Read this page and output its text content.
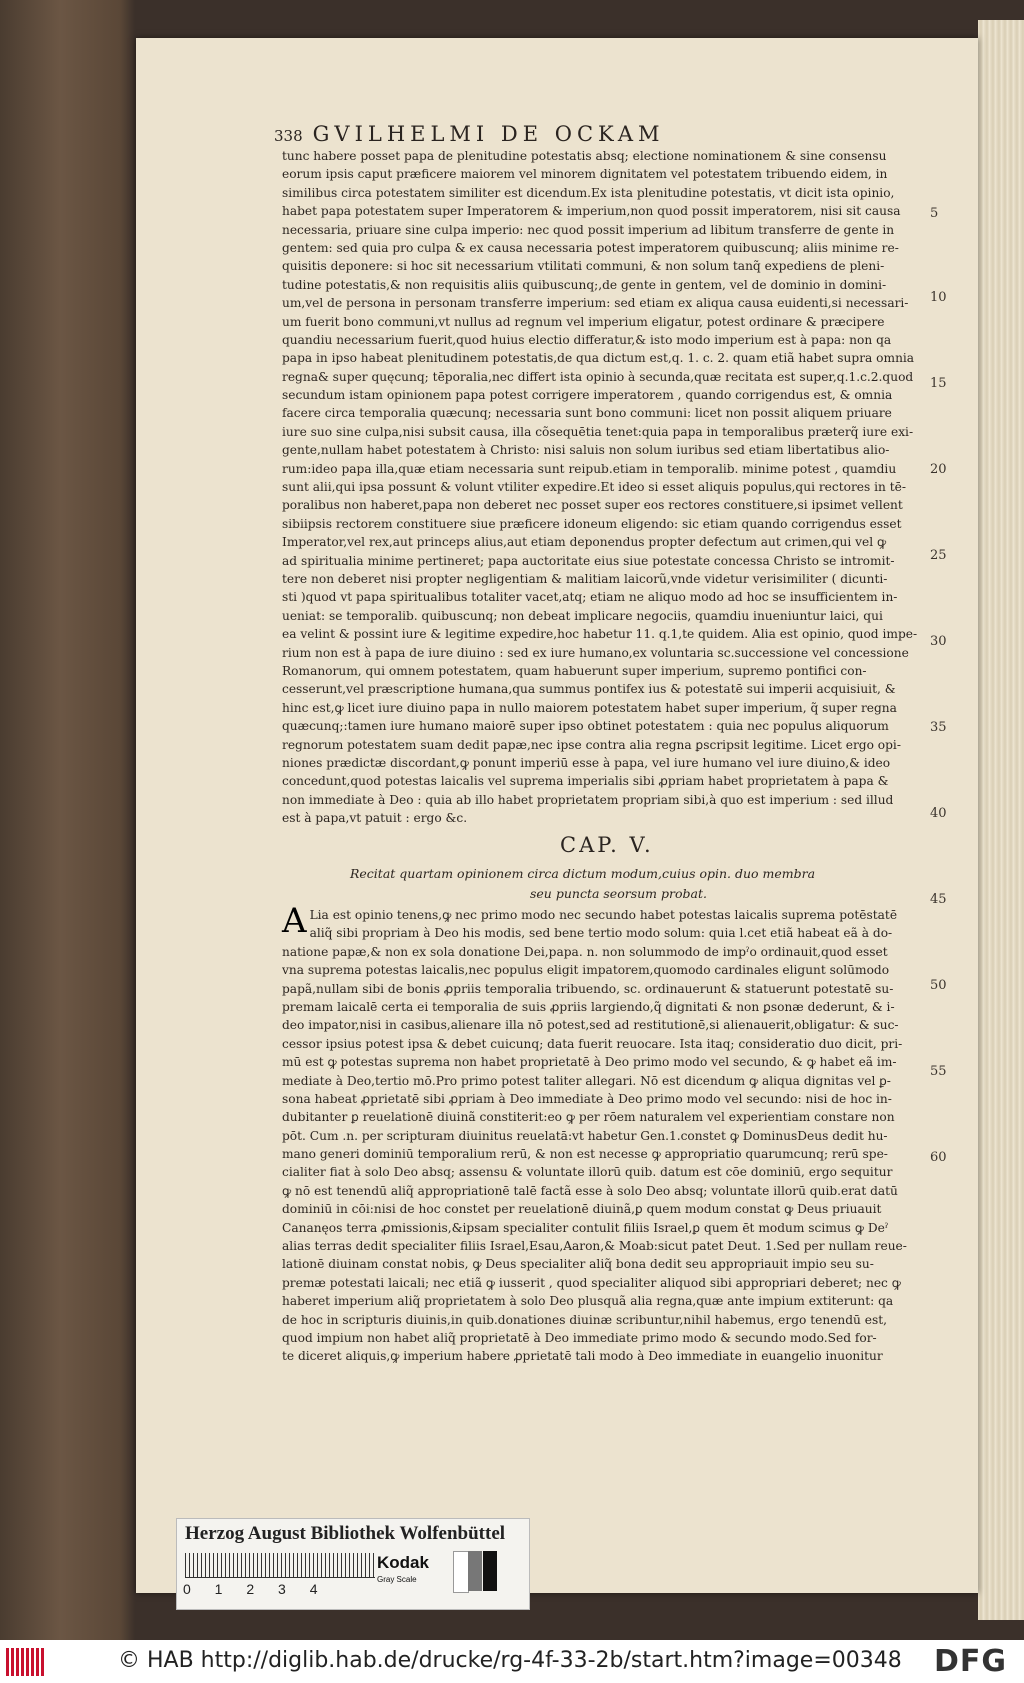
338 GVILHELMI DE OCKAM
tunc habere posset papa de plenitudine potestatis absq; electione nominationem & sine consensu
eorum ipsis caput præficere maiorem vel minorem dignitatem vel potestatem tribuendo eidem, in
similibus circa potestatem similiter est dicendum.Ex ista plenitudine potestatis, vt dicit ista opinio,
habet papa potestatem super Imperatorem & imperium,non quod possit imperatorem, nisi sit causa
necessaria, priuare sine culpa imperio: nec quod possit imperium ad libitum transferre de gente in
gentem: sed quia pro culpa & ex causa necessaria potest imperatorem quibuscunq; aliis minime re-
quisitis deponere: si hoc sit necessarium vtilitati communi, & non solum tanq̃ expediens de pleni-
tudine potestatis,& non requisitis aliis quibuscunq;,de gente in gentem, vel de dominio in domini-
um,vel de persona in personam transferre imperium: sed etiam ex aliqua causa euidenti,si necessari-
um fuerit bono communi,vt nullus ad regnum vel imperium eligatur, potest ordinare & præcipere
quandiu necessarium fuerit,quod huius electio differatur,& isto modo imperium est à papa: non qa
papa in ipso habeat plenitudinem potestatis,de qua dictum est,q. 1. c. 2. quam etiã habet supra omnia
regna& super quęcunq; tēporalia,nec differt ista opinio à secunda,quæ recitata est super,q.1.c.2.quod
secundum istam opinionem papa potest corrigere imperatorem , quando corrigendus est, & omnia
facere circa temporalia quæcunq; necessaria sunt bono communi: licet non possit aliquem priuare
iure suo sine culpa,nisi subsit causa, illa cõsequētia tenet:quia papa in temporalibus præterq̃ iure exi-
gente,nullam habet potestatem à Christo: nisi saluis non solum iuribus sed etiam libertatibus alio-
rum:ideo papa illa,quæ etiam necessaria sunt reipub.etiam in temporalib. minime potest , quamdiu
sunt alii,qui ipsa possunt & volunt vtiliter expedire.Et ideo si esset aliquis populus,qui rectores in tē-
poralibus non haberet,papa non deberet nec posset super eos rectores constituere,si ipsimet vellent
sibiipsis rectorem constituere siue præficere idoneum eligendo: sic etiam quando corrigendus esset
Imperator,vel rex,aut princeps alius,aut etiam deponendus propter defectum aut crimen,qui vel ꝙ
ad spiritualia minime pertineret; papa auctoritate eius siue potestate concessa Christo se intromit-
tere non deberet nisi propter negligentiam & malitiam laicorũ,vnde videtur verisimiliter ( dicunti-
sti )quod vt papa spiritualibus totaliter vacet,atq; etiam ne aliquo modo ad hoc se insufficientem in-
ueniat: se temporalib. quibuscunq; non debeat implicare negociis, quamdiu inueniuntur laici, qui
ea velint & possint iure & legitime expedire,hoc habetur 11. q.1,te quidem. Alia est opinio, quod impe-
rium non est à papa de iure diuino : sed ex iure humano,ex voluntaria sc.successione vel concessione
Romanorum, qui omnem potestatem, quam habuerunt super imperium, supremo pontifici con-
cesserunt,vel præscriptione humana,qua summus pontifex ius & potestatē sui imperii acquisiuit, &
hinc est,ꝙ licet iure diuino papa in nullo maiorem potestatem habet super imperium, q̃ super regna
quæcunq;:tamen iure humano maiorē super ipso obtinet potestatem : quia nec populus aliquorum
regnorum potestatem suam dedit papæ,nec ipse contra alia regna ꝑscripsit legitime. Licet ergo opi-
niones prædictæ discordant,ꝙ ponunt imperiū esse à papa, vel iure humano vel iure diuino,& ideo
concedunt,quod potestas laicalis vel suprema imperialis sibi ꝓpriam habet proprietatem à papa &
non immediate à Deo : quia ab illo habet proprietatem propriam sibi,à quo est imperium : sed illud
est à papa,vt patuit : ergo &c.
5
10
15
20
25
30
35
40
45
50
55
60
CAP. V.
Recitat quartam opinionem circa dictum modum,cuius opin. duo membra
seu puncta seorsum probat.
A Lia est opinio tenens,ꝙ nec primo modo nec secundo habet potestas laicalis suprema potēstatē
aliq̃ sibi propriam à Deo his modis, sed bene tertio modo solum: quia l.cet etiã habeat eã à do-
natione papæ,& non ex sola donatione Dei,papa. n. non solummodo de impˀo ordinauit,quod esset
vna suprema potestas laicalis,nec populus eligit impatorem,quomodo cardinales eligunt solūmodo
papã,nullam sibi de bonis ꝓpriis temporalia tribuendo, sc. ordinauerunt & statuerunt potestatē su-
premam laicalē certa ei temporalia de suis ꝓpriis largiendo,q̃ dignitati & non ꝑsonæ dederunt, & i-
deo impator,nisi in casibus,alienare illa nō potest,sed ad restitutionē,si alienauerit,obligatur: & suc-
cessor ipsius potest ipsa & debet cuicunq; data fuerit reuocare. Ista itaq; consideratio duo dicit, pri-
mū est ꝙ potestas suprema non habet proprietatē à Deo primo modo vel secundo, & ꝙ habet eã im-
mediate à Deo,tertio mō.Pro primo potest taliter allegari. Nō est dicendum ꝙ aliqua dignitas vel ꝑ-
sona habeat ꝓprietatē sibi ꝓpriam à Deo immediate à Deo primo modo vel secundo: nisi de hoc in-
dubitanter ꝑ reuelationē diuinã constiterit:eo ꝙ per rōem naturalem vel experientiam constare non
pōt. Cum .n. per scripturam diuinitus reuelatā:vt habetur Gen.1.constet ꝙ DominusDeus dedit hu-
mano generi dominiū temporalium rerū, & non est necesse ꝙ appropriatio quarumcunq; rerū spe-
cialiter fiat à solo Deo absq; assensu & voluntate illorū quib. datum est cōe dominiū, ergo sequitur
ꝙ nō est tenendū aliq̃ appropriationē talē factã esse à solo Deo absq; voluntate illorū quib.erat datū
dominiū in cōi:nisi de hoc constet per reuelationē diuinã,ꝑ quem modum constat ꝙ Deus priuauit
Cananęos terra ꝓmissionis,&ipsam specialiter contulit filiis Israel,ꝑ quem ēt modum scimus ꝙ Deˀ
alias terras dedit specialiter filiis Israel,Esau,Aaron,& Moab:sicut patet Deut. 1.Sed per nullam reue-
lationē diuinam constat nobis, ꝙ Deus specialiter aliq̃ bona dedit seu appropriauit impio seu su-
premæ potestati laicali; nec etiã ꝙ iusserit , quod specialiter aliquod sibi appropriari deberet; nec ꝙ
haberet imperium aliq̃ proprietatem à solo Deo plusquã alia regna,quæ ante impium extiterunt: qa
de hoc in scripturis diuinis,in quib.donationes diuinæ scribuntur,nihil habemus, ergo tenendū est,
quod impium non habet aliq̃ proprietatē à Deo immediate primo modo & secundo modo.Sed for-
te diceret aliquis,ꝙ imperium habere ꝓprietatē tali modo à Deo immediate in euangelio inuonitur
Herzog August Bibliothek Wolfenbüttel
0 1 2 3 4
Kodak
Gray Scale
© HAB http://diglib.hab.de/drucke/rg-4f-33-2b/start.htm?image=00348 DFG
